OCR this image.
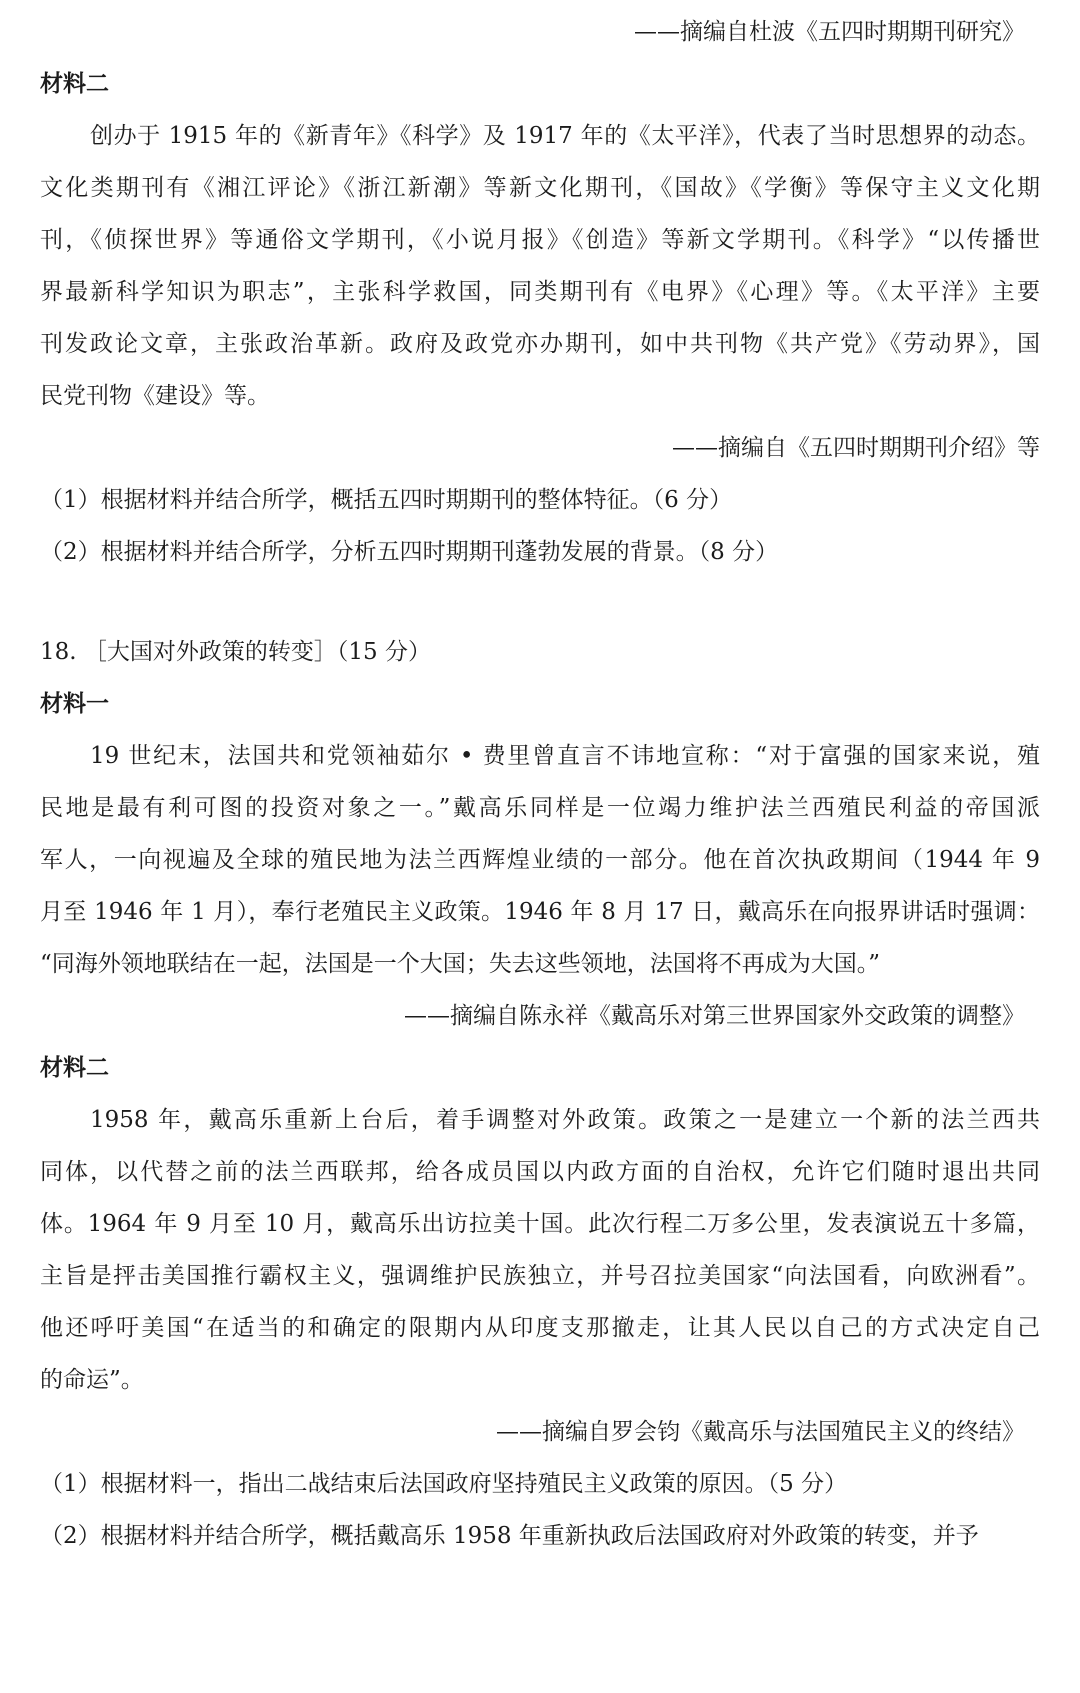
——摘编自杜波《五四时期期刊研究》
材料二
创办于 1915 年的《新青年》《科学》及 1917 年的《太平洋》，代表了当时思想界的动态。
文化类期刊有《湘江评论》《浙江新潮》等新文化期刊，《国故》《学衡》等保守主义文化期
刊，《侦探世界》等通俗文学期刊，《小说月报》《创造》等新文学期刊。《科学》“以传播世
界最新科学知识为职志”，主张科学救国，同类期刊有《电界》《心理》等。《太平洋》主要
刊发政论文章，主张政治革新。政府及政党亦办期刊，如中共刊物《共产党》《劳动界》，国
民党刊物《建设》等。
——摘编自《五四时期期刊介绍》等
（1）根据材料并结合所学，概括五四时期期刊的整体特征。（6 分）
（2）根据材料并结合所学，分析五四时期期刊蓬勃发展的背景。（8 分）
18. ［大国对外政策的转变］（15 分）
材料一
19 世纪末，法国共和党领袖茹尔 • 费里曾直言不讳地宣称：“对于富强的国家来说，殖
民地是最有利可图的投资对象之一。”戴高乐同样是一位竭力维护法兰西殖民利益的帝国派
军人，一向视遍及全球的殖民地为法兰西辉煌业绩的一部分。他在首次执政期间（1944 年 9
月至 1946 年 1 月），奉行老殖民主义政策。1946 年 8 月 17 日，戴高乐在向报界讲话时强调：
“同海外领地联结在一起，法国是一个大国；失去这些领地，法国将不再成为大国。”
——摘编自陈永祥《戴高乐对第三世界国家外交政策的调整》
材料二
1958 年，戴高乐重新上台后，着手调整对外政策。政策之一是建立一个新的法兰西共
同体，以代替之前的法兰西联邦，给各成员国以内政方面的自治权，允许它们随时退出共同
体。1964 年 9 月至 10 月，戴高乐出访拉美十国。此次行程二万多公里，发表演说五十多篇，
主旨是抨击美国推行霸权主义，强调维护民族独立，并号召拉美国家“向法国看，向欧洲看”。
他还呼吁美国“在适当的和确定的限期内从印度支那撤走，让其人民以自己的方式决定自己
的命运”。
——摘编自罗会钧《戴高乐与法国殖民主义的终结》
（1）根据材料一，指出二战结束后法国政府坚持殖民主义政策的原因。（5 分）
（2）根据材料并结合所学，概括戴高乐 1958 年重新执政后法国政府对外政策的转变，并予
